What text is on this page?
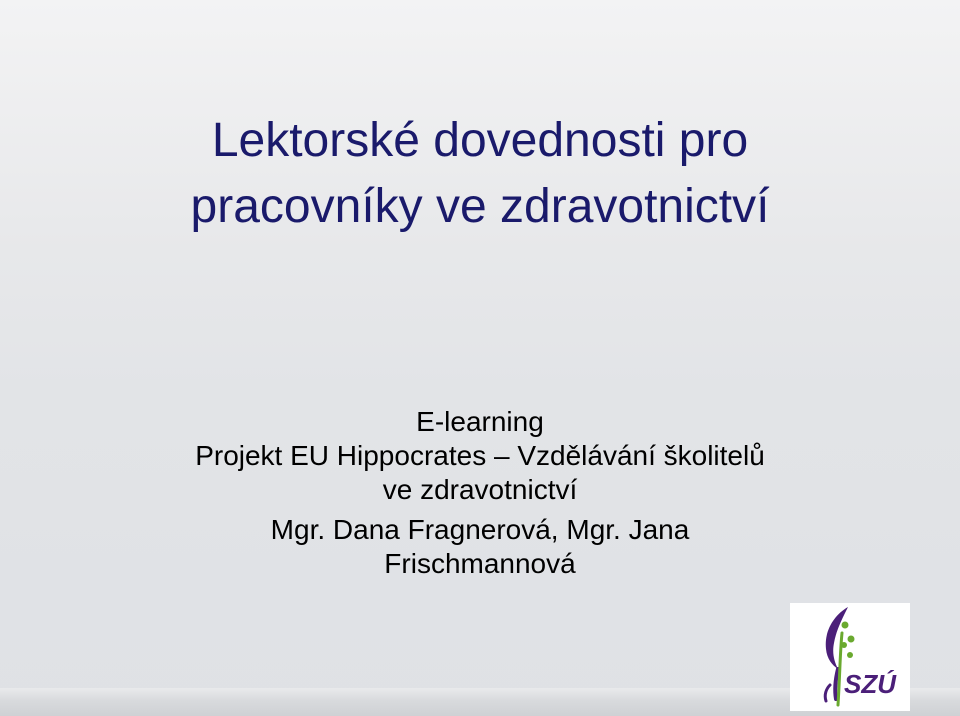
Lektorské dovednosti pro
pracovníky ve zdravotnictví
E-learning
Projekt EU Hippocrates – Vzdělávání školitelů
ve zdravotnictví
Mgr. Dana Fragnerová, Mgr. Jana
Frischmannová
SZÚ
